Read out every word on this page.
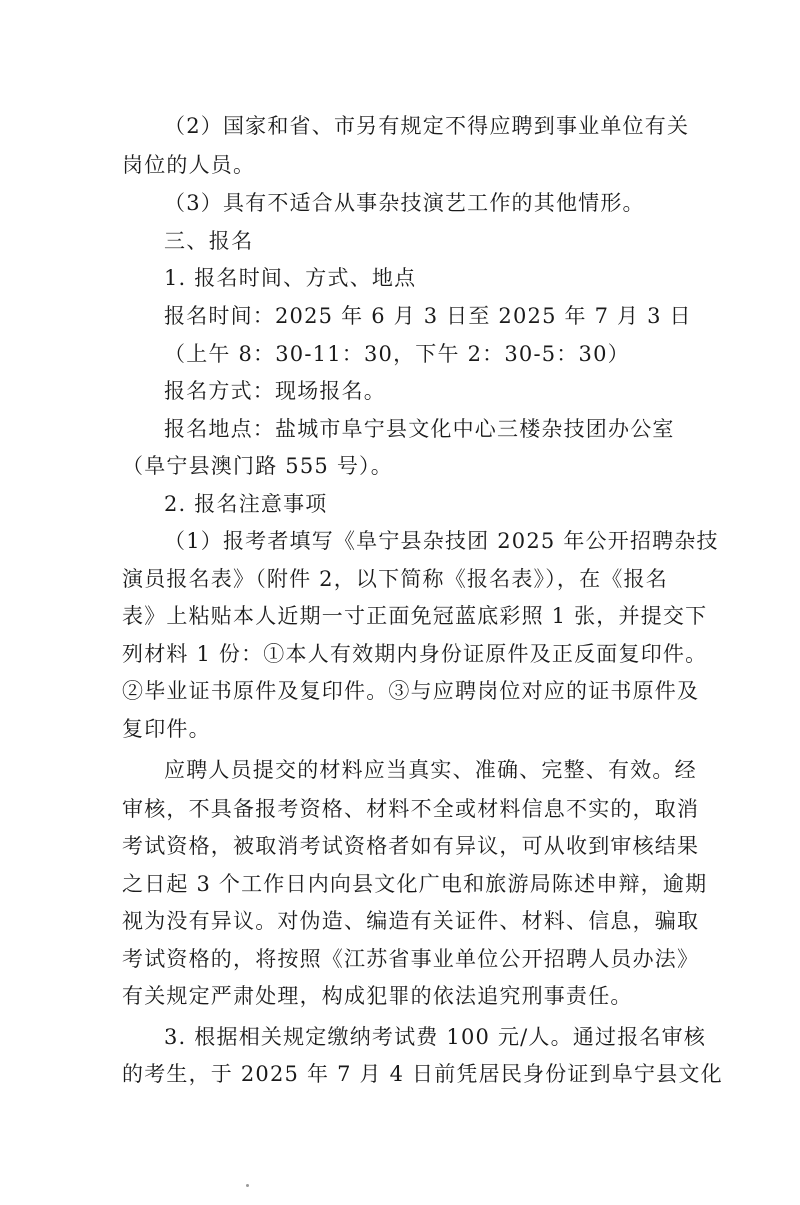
（2）国家和省、市另有规定不得应聘到事业单位有关
岗位的人员。
（3）具有不适合从事杂技演艺工作的其他情形。
三、报名
1. 报名时间、方式、地点
报名时间：2025 年 6 月 3 日至 2025 年 7 月 3 日
（上午 8：30-11：30，下午 2：30-5：30）
报名方式：现场报名。
报名地点：盐城市阜宁县文化中心三楼杂技团办公室
（阜宁县澳门路 555 号）。
2. 报名注意事项
（1）报考者填写《阜宁县杂技团 2025 年公开招聘杂技
演员报名表》（附件 2，以下简称《报名表》），在《报名
表》上粘贴本人近期一寸正面免冠蓝底彩照 1 张，并提交下
列材料 1 份：①本人有效期内身份证原件及正反面复印件。
②毕业证书原件及复印件。③与应聘岗位对应的证书原件及
复印件。
应聘人员提交的材料应当真实、准确、完整、有效。经
审核，不具备报考资格、材料不全或材料信息不实的，取消
考试资格，被取消考试资格者如有异议，可从收到审核结果
之日起 3 个工作日内向县文化广电和旅游局陈述申辩，逾期
视为没有异议。对伪造、编造有关证件、材料、信息，骗取
考试资格的，将按照《江苏省事业单位公开招聘人员办法》
有关规定严肃处理，构成犯罪的依法追究刑事责任。
3. 根据相关规定缴纳考试费 100 元/人。通过报名审核
的考生，于 2025 年 7 月 4 日前凭居民身份证到阜宁县文化
